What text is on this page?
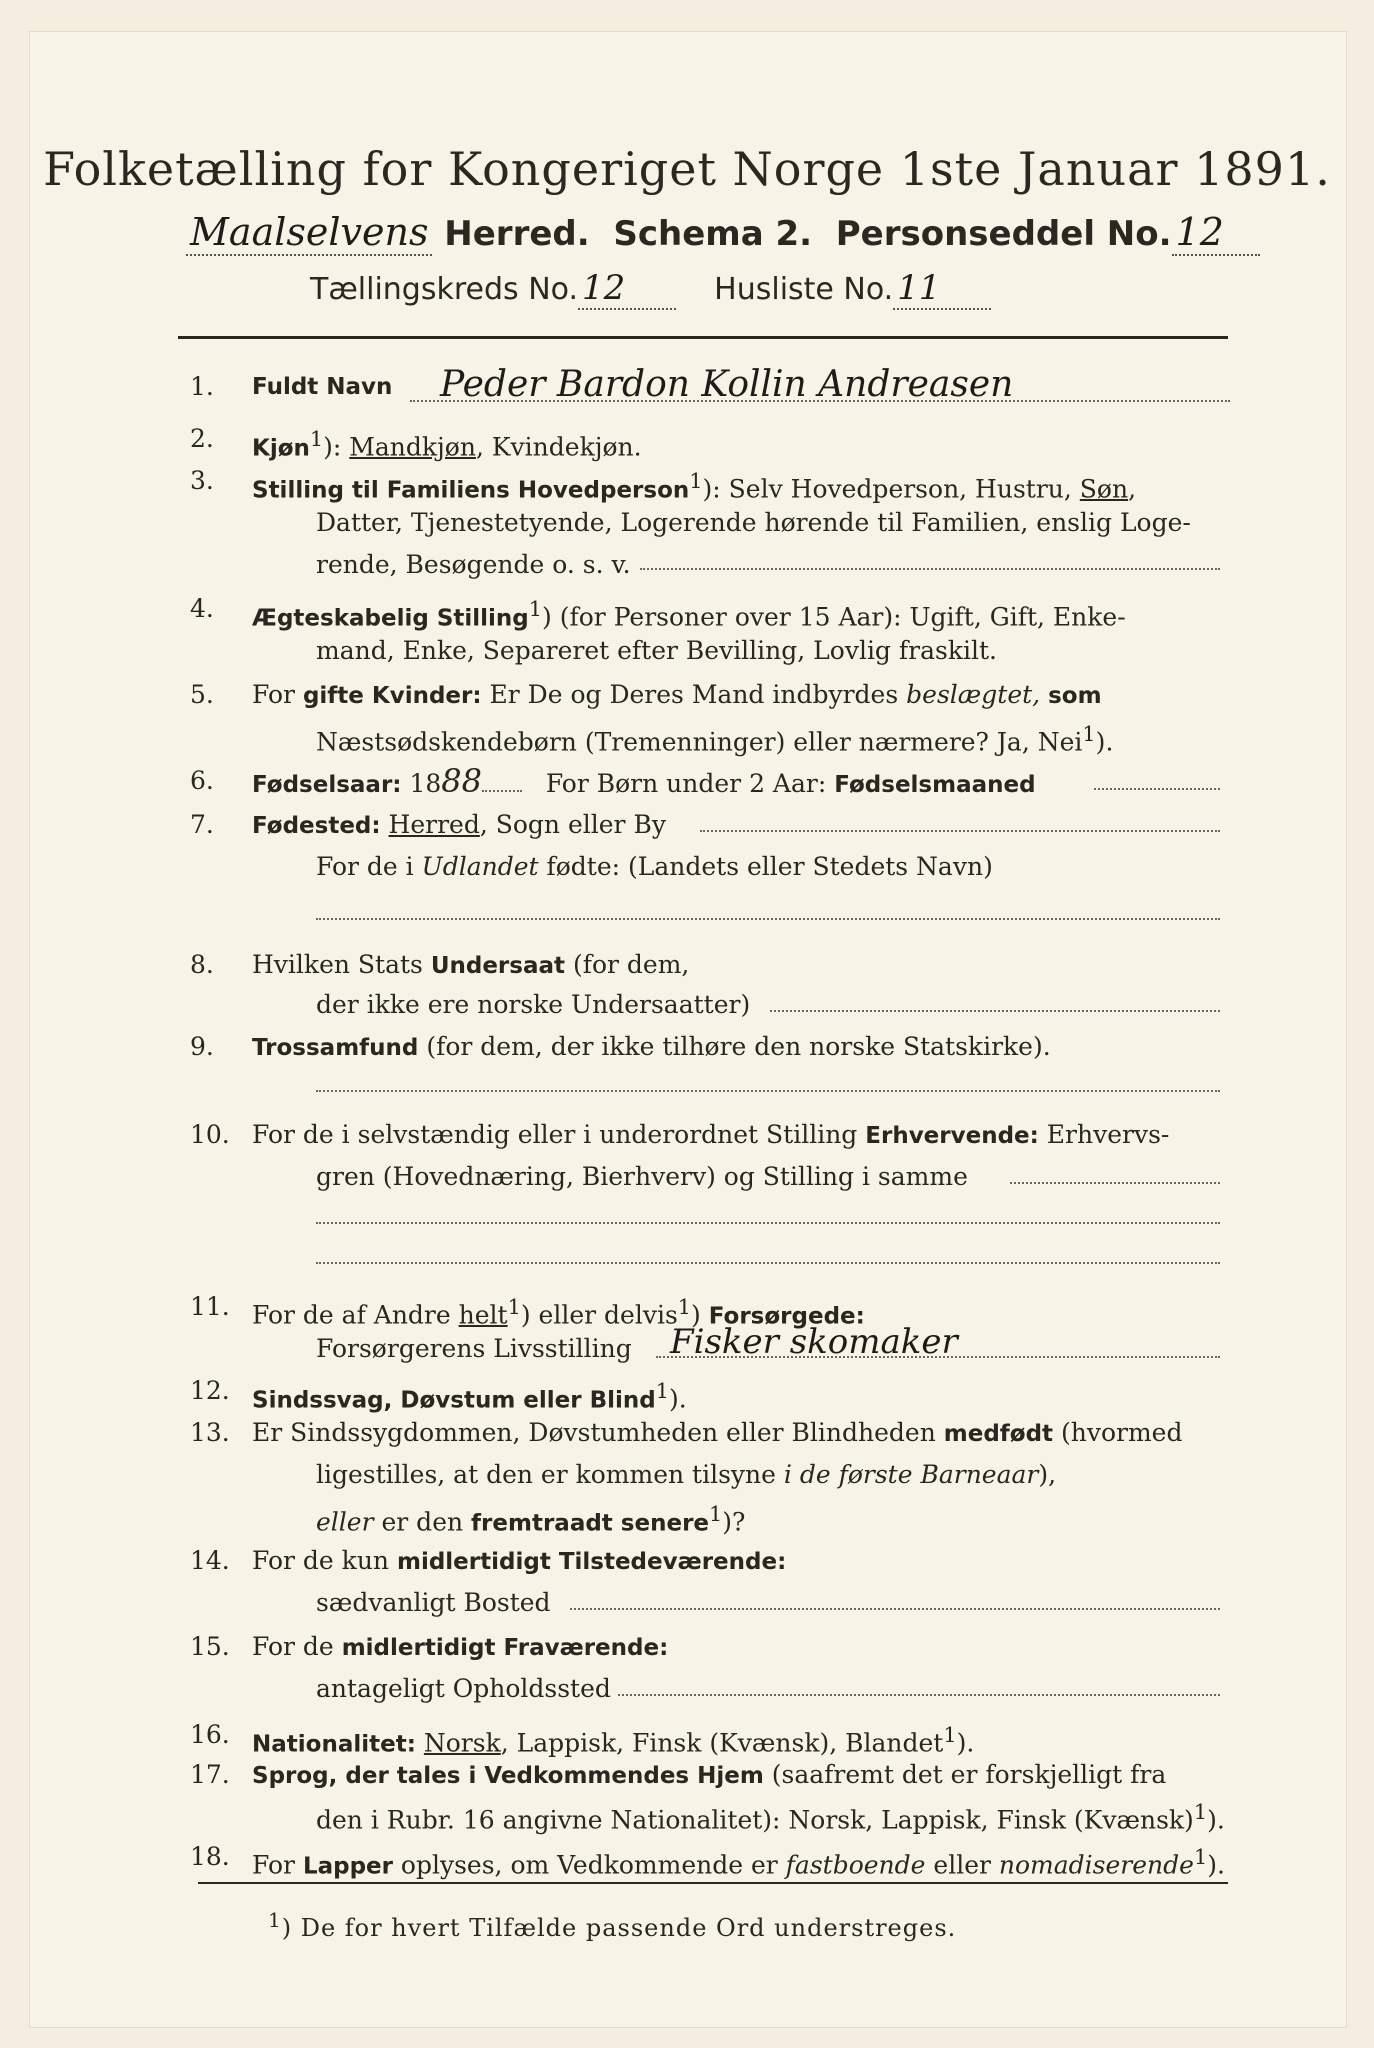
Folketælling for Kongeriget Norge 1ste Januar 1891.
Maalselvens Herred. Schema 2. Personseddel No. 12
Tællingskreds No. 12	Husliste No. 11
1.	Fuldt Navn Peder Bardon Kollin Andreasen
2.	Kjøn$^1$): Mandkjøn, Kvindekjøn.
3.	Stilling til Familiens Hovedperson$^1$): Selv Hovedperson, Hustru, Søn,
Datter, Tjenestetyende, Logerende hørende til Familien, enslig Loge-
rende, Besøgende o. s. v.
4.	Ægteskabelig Stilling$^1$) (for Personer over 15 Aar): Ugift, Gift, Enke-
mand, Enke, Separeret efter Bevilling, Lovlig fraskilt.
5.	For gifte Kvinder: Er De og Deres Mand indbyrdes beslægtet, som
Næstsødskendebørn (Tremenninger) eller nærmere? Ja, Nei$^1$).
6.	Fødselsaar: 1888	For Børn under 2 Aar: Fødselsmaaned
7.	Fødested: Herred, Sogn eller By
For de i Udlandet fødte: (Landets eller Stedets Navn)
8.	Hvilken Stats Undersaat (for dem,
der ikke ere norske Undersaatter)
9.	Trossamfund (for dem, der ikke tilhøre den norske Statskirke).
10. For de i selvstændig eller i underordnet Stilling Erhvervende: Erhvervs-
gren (Hovednæring, Bierhverv) og Stilling i samme
11. For de af Andre helt$^1$) eller delvis$^1$) Forsørgede:
Forsørgerens Livsstilling Fisker skomaker
12. Sindssvag, Døvstum eller Blind$^1$).
13. Er Sindssygdommen, Døvstumheden eller Blindheden medfødt (hvormed
ligestilles, at den er kommen tilsyne i de første Barneaar),
eller er den fremtraadt senere$^1$)?
14. For de kun midlertidigt Tilstedeværende:
sædvanligt Bosted
15. For de midlertidigt Fraværende:
antageligt Opholdssted
16. Nationalitet: Norsk, Lappisk, Finsk (Kvænsk), Blandet$^1$).
17. Sprog, der tales i Vedkommendes Hjem (saafremt det er forskjelligt fra
den i Rubr. 16 angivne Nationalitet): Norsk, Lappisk, Finsk (Kvænsk)$^1$).
18. For Lapper oplyses, om Vedkommende er fastboende eller nomadiserende$^1$).
$^1$) De for hvert Tilfælde passende Ord understreges.
